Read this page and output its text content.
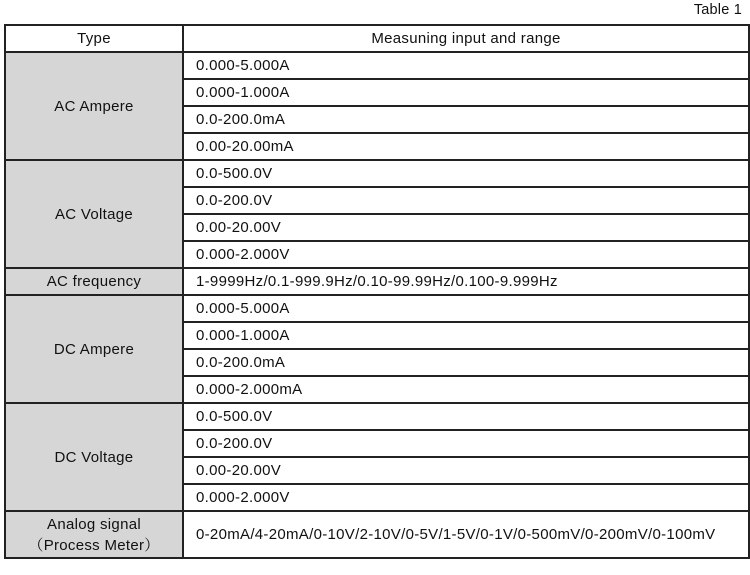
Table 1
Type	Measuning input and range
AC Ampere	0.000-5.000A
	0.000-1.000A
	0.0-200.0mA
	0.00-20.00mA
AC Voltage	0.0-500.0V
	0.0-200.0V
	0.00-20.00V
	0.000-2.000V
AC frequency	1-9999Hz/0.1-999.9Hz/0.10-99.99Hz/0.100-9.999Hz
DC Ampere	0.000-5.000A
	0.000-1.000A
	0.0-200.0mA
	0.000-2.000mA
DC Voltage	0.0-500.0V
	0.0-200.0V
	0.00-20.00V
	0.000-2.000V

Analog signal
（Process Meter）	0-20mA/4-20mA/0-10V/2-10V/0-5V/1-5V/0-1V/0-500mV/0-200mV/0-100mV
